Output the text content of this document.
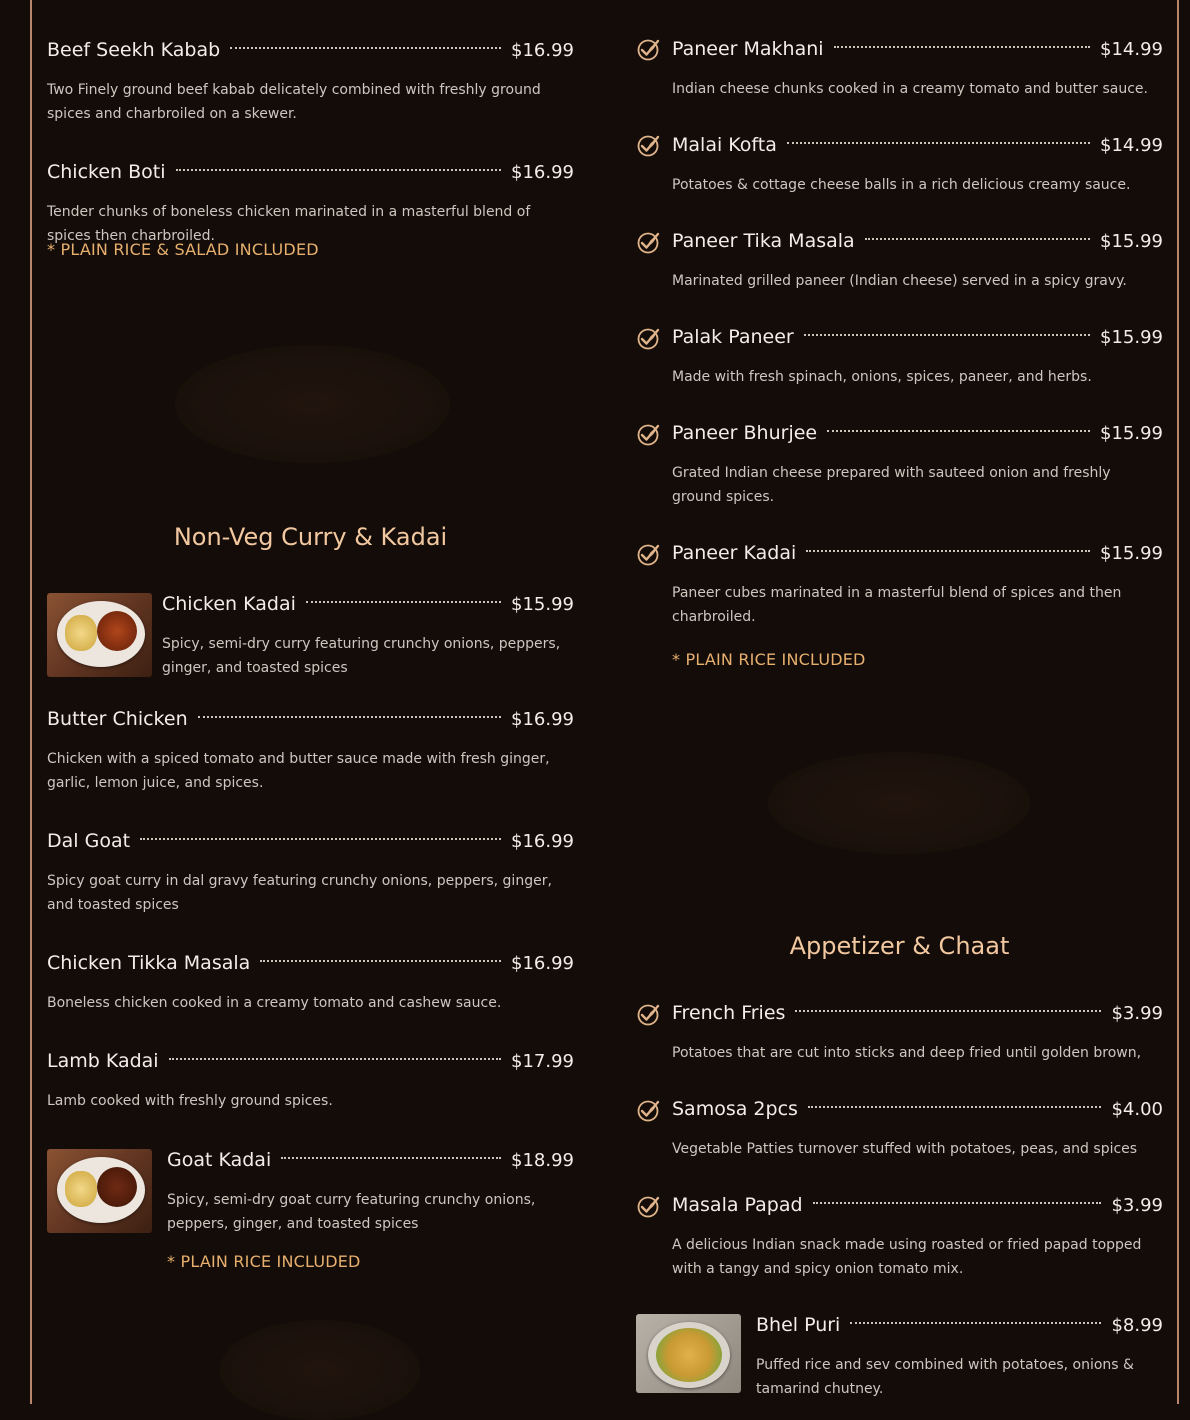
Beef Seekh Kabab	$16.99
Two Finely ground beef kabab delicately combined with freshly ground spices and charbroiled on a skewer.
Chicken Boti	$16.99
Tender chunks of boneless chicken marinated in a masterful blend of spices then charbroiled.
* PLAIN RICE & SALAD INCLUDED
Non-Veg Curry & Kadai
Chicken Kadai	$15.99
Spicy, semi-dry curry featuring crunchy onions, peppers, ginger, and toasted spices
Butter Chicken	$16.99
Chicken with a spiced tomato and butter sauce made with fresh ginger, garlic, lemon juice, and spices.
Dal Goat	$16.99
Spicy goat curry in dal gravy featuring crunchy onions, peppers, ginger, and toasted spices
Chicken Tikka Masala	$16.99
Boneless chicken cooked in a creamy tomato and cashew sauce.
Lamb Kadai	$17.99
Lamb cooked with freshly ground spices.
Goat Kadai	$18.99
Spicy, semi-dry goat curry featuring crunchy onions, peppers, ginger, and toasted spices
* PLAIN RICE INCLUDED
Paneer Makhani	$14.99
Indian cheese chunks cooked in a creamy tomato and butter sauce.
Malai Kofta	$14.99
Potatoes & cottage cheese balls in a rich delicious creamy sauce.
Paneer Tika Masala	$15.99
Marinated grilled paneer (Indian cheese) served in a spicy gravy.
Palak Paneer	$15.99
Made with fresh spinach, onions, spices, paneer, and herbs.
Paneer Bhurjee	$15.99
Grated Indian cheese prepared with sauteed onion and freshly ground spices.
Paneer Kadai	$15.99
Paneer cubes marinated in a masterful blend of spices and then charbroiled.
* PLAIN RICE INCLUDED
Appetizer & Chaat
French Fries	$3.99
Potatoes that are cut into sticks and deep fried until golden brown,
Samosa 2pcs	$4.00
Vegetable Patties turnover stuffed with potatoes, peas, and spices
Masala Papad	$3.99
A delicious Indian snack made using roasted or fried papad topped with a tangy and spicy onion tomato mix.
Bhel Puri	$8.99
Puffed rice and sev combined with potatoes, onions & tamarind chutney.
